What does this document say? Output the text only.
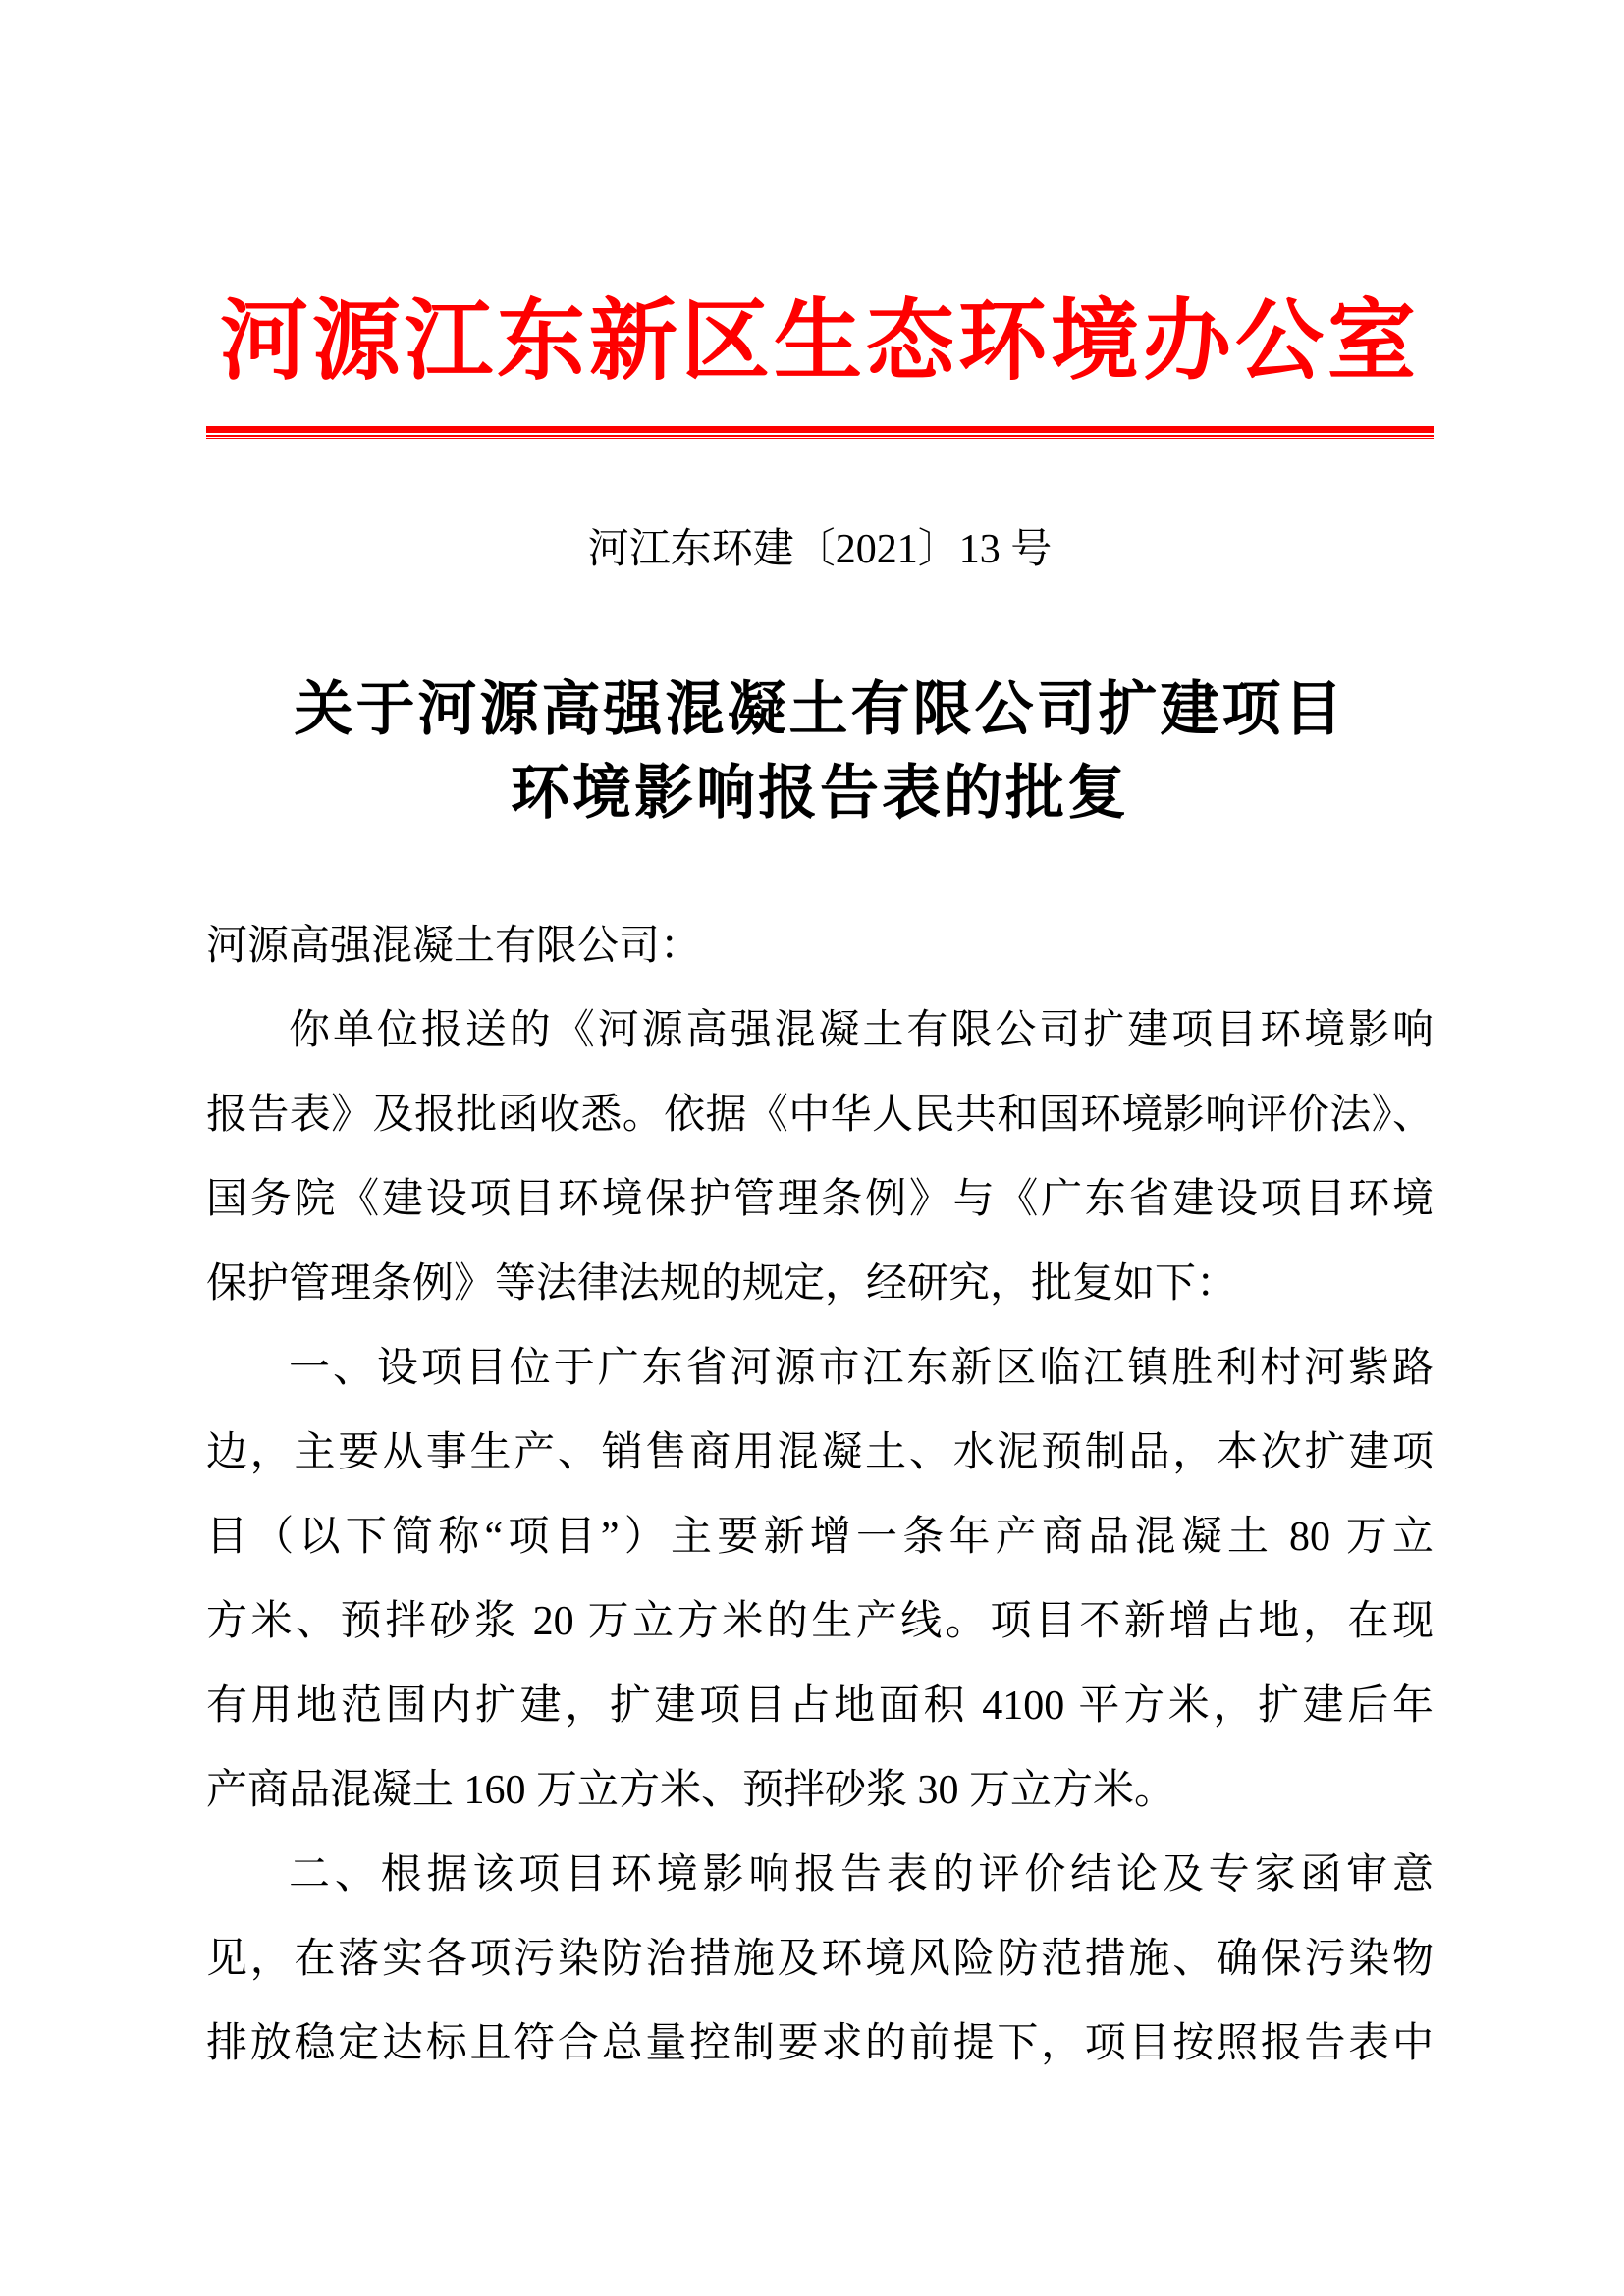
河源江东新区生态环境办公室
河江东环建〔2021〕13 号
关于河源高强混凝土有限公司扩建项目
环境影响报告表的批复
河源高强混凝土有限公司：
你单位报送的《河源高强混凝土有限公司扩建项目环境影响
报告表》及报批函收悉。依据《中华人民共和国环境影响评价法》、
国务院《建设项目环境保护管理条例》与《广东省建设项目环境
保护管理条例》等法律法规的规定，经研究，批复如下：
一、设项目位于广东省河源市江东新区临江镇胜利村河紫路
边，主要从事生产、销售商用混凝土、水泥预制品，本次扩建项
目（以下简称“项目”）主要新增一条年产商品混凝土 80 万立
方米、预拌砂浆 20 万立方米的生产线。项目不新增占地，在现
有用地范围内扩建，扩建项目占地面积 4100 平方米，扩建后年
产商品混凝土 160 万立方米、预拌砂浆 30 万立方米。
二、根据该项目环境影响报告表的评价结论及专家函审意
见，在落实各项污染防治措施及环境风险防范措施、确保污染物
排放稳定达标且符合总量控制要求的前提下，项目按照报告表中
